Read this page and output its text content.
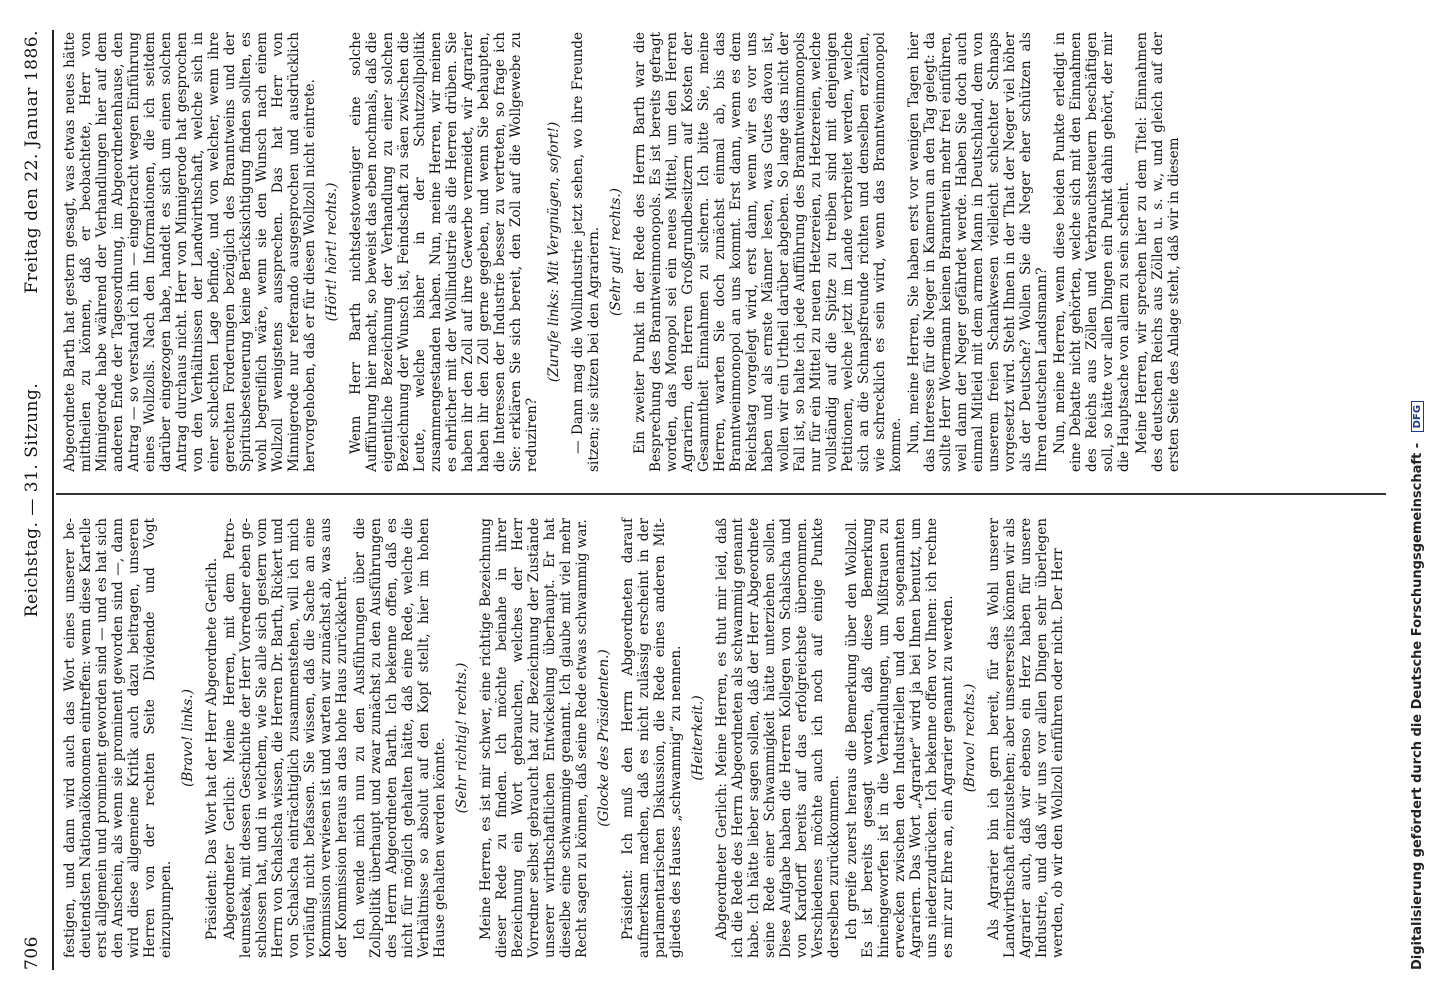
706
Reichstag. — 31. Sitzung.
Freitag den 22. Januar 1886.

festigen, und dann wird auch das Wort eines unserer bedeutendsten Nationalökonomen eintreffen: wenn diese Kartelle erst allgemein und prominent geworden sind — und es hat sich den Anschein, als wenn sie prominent geworden sind —, dann wird diese allgemeine Kritik auch dazu beitragen, unseren Herren von der rechten Seite Dividende und Vogt einzupumpen.

(Bravo! links.) Präsident: Das Wort hat der Herr Abgeordnete Gerlich. Abgeordneter Gerlich: Meine Herren, mit dem Petroleumsteak, mit dessen Geschichte der Herr Vorredner eben geschlossen hat, und in welchem, wie Sie alle sich gestern vom Herrn von Schalscha wissen, die Herren Dr. Barth, Rickert und von Schalscha einträchtiglich zusammenstehen, will ich mich vorläufig nicht befassen. Sie wissen, daß die Sache an eine Kommission verwiesen ist und warten wir zunächst ab, was aus der Kommission heraus an das hohe Haus zurückkehrt. Ich wende mich nun zu den Ausführungen über die Zollpolitik überhaupt und zwar zunächst zu den Ausführungen des Herrn Abgeordneten Barth. Ich bekenne offen, daß es nicht für möglich gehalten hätte, daß eine Rede, welche die Verhältnisse so absolut auf den Kopf stellt, hier im hohen Hause gehalten werden könnte. (Sehr richtig! rechts.) Meine Herren, es ist mir schwer, eine richtige Bezeichnung dieser Rede zu finden. Ich möchte beinahe in ihrer Bezeichnung ein Wort gebrauchen, welches der Herr Vorredner selbst gebraucht hat zur Bezeichnung der Zustände unserer wirthschaftlichen Entwickelung überhaupt. Er hat dieselbe eine schwammige genannt. Ich glaube mit viel mehr Recht sagen zu können, daß seine Rede etwas schwammig war. (Glocke des Präsidenten.) Präsident: Ich muß den Herrn Abgeordneten darauf aufmerksam machen, daß es nicht zulässig erscheint in der parlamentarischen Diskussion, die Rede eines anderen Mitgliedes des Hauses „schwammig“ zu nennen. (Heiterkeit.) Abgeordneter Gerlich: Meine Herren, es thut mir leid, daß ich die Rede des Herrn Abgeordneten als schwammig genannt habe. Ich hätte lieber sagen sollen, daß der Herr Abgeordnete seine Rede einer Schwammigkeit hätte unterziehen sollen. Diese Aufgabe haben die Herren Kollegen von Schalscha und von Kardorff bereits auf das erfolgreichste übernommen. Verschiedenes möchte auch ich noch auf einige Punkte derselben zurückkommen. Ich greife zuerst heraus die Bemerkung über den Wollzoll. Es ist bereits gesagt worden, daß diese Bemerkung hineingeworfen ist in die Verhandlungen, um Mißtrauen zu erwecken zwischen den Industriellen und den sogenannten Agrariern. Das Wort „Agrarier“ wird ja bei Ihnen benutzt, um uns niederzudrücken. Ich bekenne offen vor Ihnen: ich rechne es mir zur Ehre an, ein Agrarier genannt zu werden. (Bravo! rechts.) Als Agrarier bin ich gern bereit, für das Wohl unserer Landwirthschaft einzustehen; aber unsererseits können wir als Agrarier auch, daß wir ebenso ein Herz haben für unsere Industrie, und daß wir uns vor allen Dingen sehr überlegen werden, ob wir den Wollzoll einführen oder nicht. Der Herr

Abgeordnete Barth hat gestern gesagt, was etwas neues hätte mittheilen zu können, daß er beobachtete, Herr von Minnigerode habe während der Verhandlungen hier auf dem anderen Ende der Tagesordnung, im Abgeordnetenhause, den Antrag — so verstand ich ihn — eingebracht wegen Einführung eines Wollzolls. Nach den Informationen, die ich seitdem darüber eingezogen habe, handelt es sich um einen solchen Antrag durchaus nicht. Herr von Minnigerode hat gesprochen von den Verhältnissen der Landwirthschaft, welche sich in einer schlechten Lage befinde, und von welcher, wenn ihre gerechten Forderungen bezüglich des Branntweins und der Spiritusbesteuerung keine Berücksichtigung finden sollten, es wohl begreiflich wäre, wenn sie den Wunsch nach einem Wollzoll wenigstens aussprechen. Das hat Herr von Minnigerode nur referando ausgesprochen und ausdrücklich hervorgehoben, daß er für diesen Wollzoll nicht eintrete. (Hört! hört! rechts.) Wenn Herr Barth nichtsdestoweniger eine solche Aufführung hier macht, so beweist das eben nochmals, daß die eigentliche Bezeichnung der Verhandlung zu einer solchen Bezeichnung der Wunsch ist, Feindschaft zu säen zwischen die Leute, welche bisher in der Schutzzollpolitik zusammengestanden haben. Nun, meine Herren, wir meinen es ehrlicher mit der Wollindustrie als die Herren drüben. Sie haben ihr den Zoll auf ihre Gewerbe vermeidet, wir Agrarier haben ihr den Zoll gerne gegeben, und wenn Sie behaupten, die Interessen der Industrie besser zu vertreten, so frage ich Sie: erklären Sie sich bereit, den Zoll auf die Wollgewebe zu reduziren?

(Zurufe links: Mit Vergnügen, sofort!) — Dann mag die Wollindustrie jetzt sehen, wo ihre Freunde sitzen; sie sitzen bei den Agrariern. (Sehr gut! rechts.) Ein zweiter Punkt in der Rede des Herrn Barth war die Besprechung des Branntweinmonopols. Es ist bereits gefragt worden, das Monopol sei ein neues Mittel, um den Herren Agrariern, den Herren Großgrundbesitzern auf Kosten der Gesammtheit Einnahmen zu sichern. Ich bitte Sie, meine Herren, warten Sie doch zunächst einmal ab, bis das Branntweinmonopol an uns kommt. Erst dann, wenn es dem Reichstag vorgelegt wird, erst dann, wenn wir es vor uns haben und als ernste Männer lesen, was Gutes davon ist, wollen wir ein Urtheil darüber abgeben. So lange das nicht der Fall ist, so halte ich jede Aufführung des Branntweinmonopols nur für ein Mittel zu neuen Hetzereien, zu Hetzereien, welche vollständig auf die Spitze zu treiben sind mit denjenigen Petitionen, welche jetzt im Lande verbreitet werden, welche sich an die Schnapsfreunde richten und denselben erzählen, wie schrecklich es sein wird, wenn das Branntweinmonopol komme. Nun, meine Herren, Sie haben erst vor wenigen Tagen hier das Interesse für die Neger in Kamerun an den Tag gelegt: da sollte Herr Woermann keinen Branntwein mehr frei einführen, weil dann der Neger gefährdet werde. Haben Sie doch auch einmal Mitleid mit dem armen Mann in Deutschland, dem von unserem freien Schankwesen vielleicht schlechter Schnaps vorgesetzt wird. Steht Ihnen in der That der Neger viel höher als der Deutsche? Wollen Sie die Neger eher schützen als Ihren deutschen Landsmann? Nun, meine Herren, wenn diese beiden Punkte erledigt in eine Debatte nicht gehörten, welche sich mit den Einnahmen des Reichs aus Zöllen und Verbrauchssteuern beschäftigen soll, so hätte vor allen Dingen ein Punkt dahin gehört, der mir die Hauptsache von allem zu sein scheint. Meine Herren, wir sprechen hier zu dem Titel: Einnahmen des deutschen Reichs aus Zöllen u. s. w., und gleich auf der ersten Seite des Anlage steht, daß wir in diesem

Digitalisierung gefördert durch die Deutsche Forschungsgemeinschaft - DFG
